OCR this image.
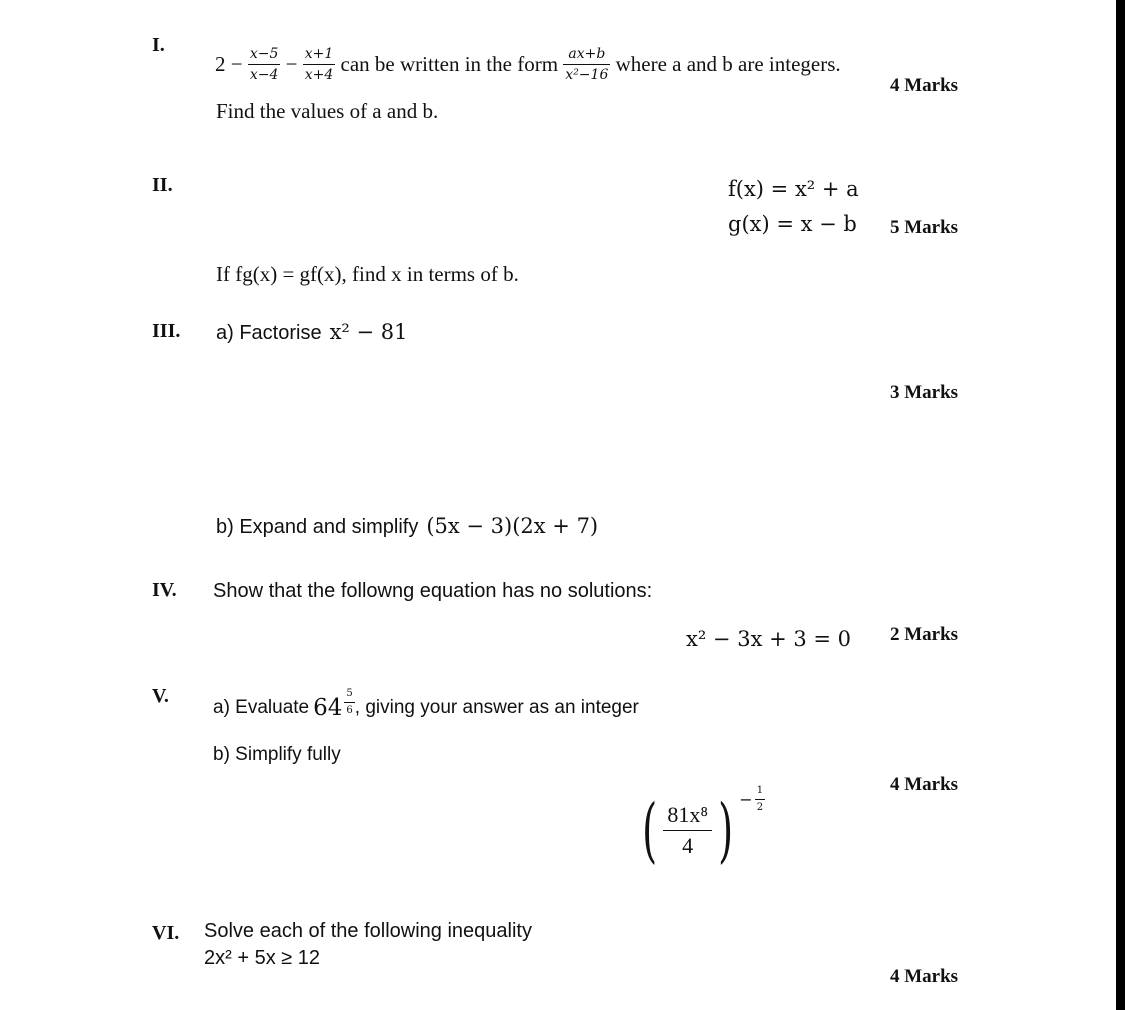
I.
2 −
$\frac{x-5}{x-4}$
−
$\frac{x+1}{x+4}$
can be written in the form
$\frac{ax+b}{\text{x²−16}}$
where a and b are integers.
Find the values of a and b.
4 Marks
II.	f(x) = x² + a
g(x) = x − b 5 Marks
If fg(x) = gf(x), find x in terms of b.
III. a) Factorise x² − 81
3 Marks
b) Expand and simplify (5x − 3)(2x + 7)
IV. Show that the followng equation has no solutions:
x² − 3x + 3 = 0 2 Marks
V.
a) Evaluate
$64 \frac{5}{6}$ , giving your answer as an integer
b) Simplify fully
4 Marks
( $\frac{\text{81x⁸}}{4}$ ) − $\frac{1}{2}$
VI. Solve each of the following inequality
2x² + 5x ≥ 12
4 Marks
